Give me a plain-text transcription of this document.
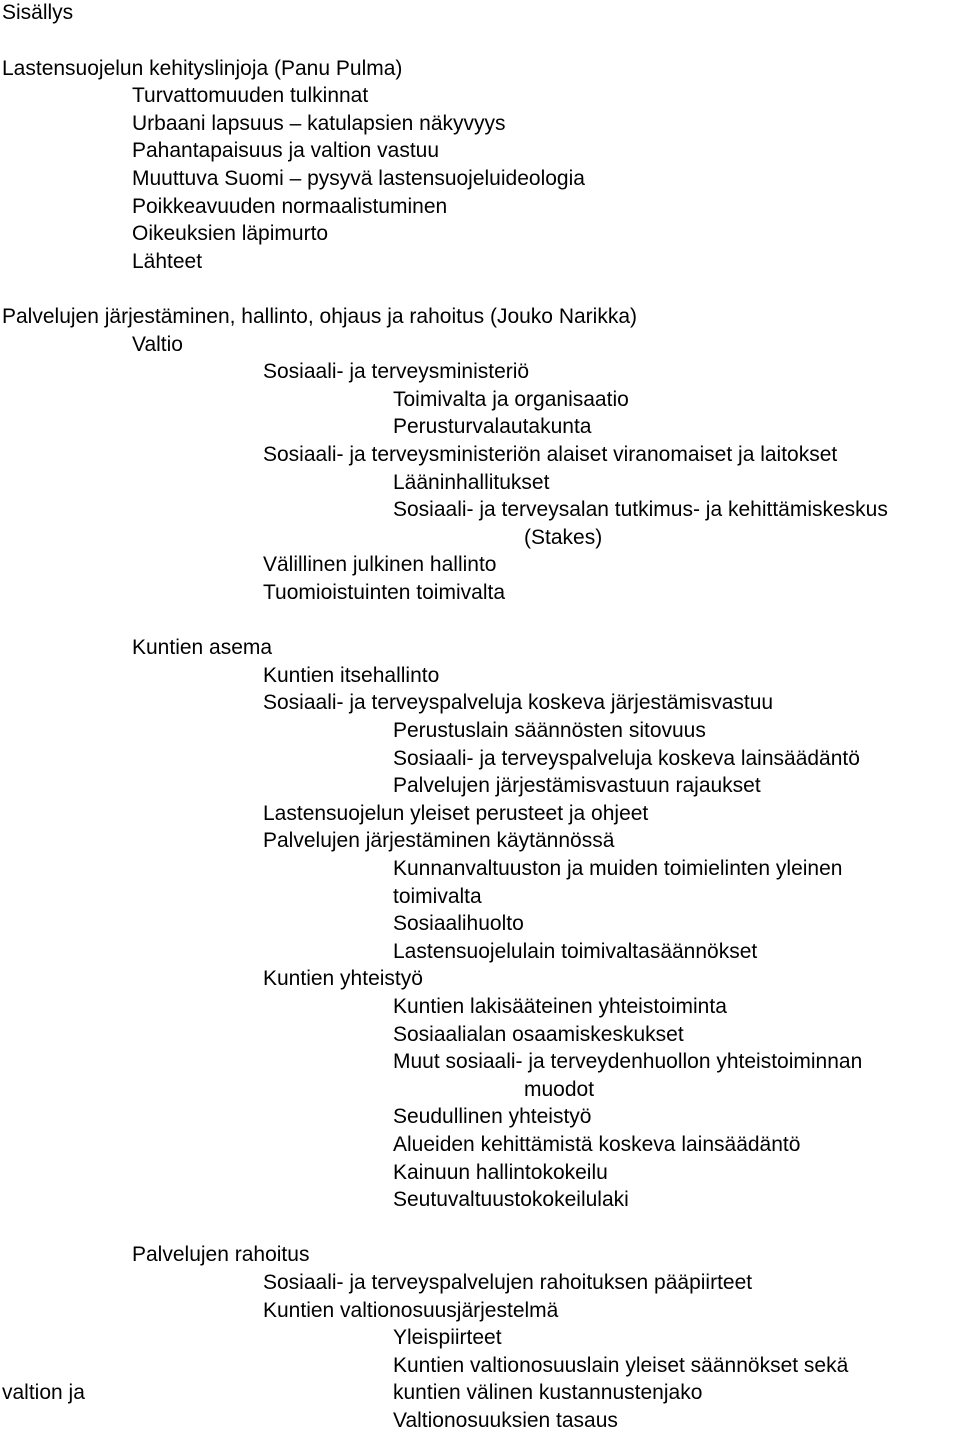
Sisällys
Lastensuojelun kehityslinjoja (Panu Pulma)
Turvattomuuden tulkinnat
Urbaani lapsuus – katulapsien näkyvyys
Pahantapaisuus ja valtion vastuu
Muuttuva Suomi – pysyvä lastensuojeluideologia
Poikkeavuuden normaalistuminen
Oikeuksien läpimurto
Lähteet
Palvelujen järjestäminen, hallinto, ohjaus ja rahoitus (Jouko Narikka)
Valtio
Sosiaali- ja terveysministeriö
Toimivalta ja organisaatio
Perusturvalautakunta
Sosiaali- ja terveysministeriön alaiset viranomaiset ja laitokset
Lääninhallitukset
Sosiaali- ja terveysalan tutkimus- ja kehittämiskeskus
(Stakes)
Välillinen julkinen hallinto
Tuomioistuinten toimivalta
Kuntien asema
Kuntien itsehallinto
Sosiaali- ja terveyspalveluja koskeva järjestämisvastuu
Perustuslain säännösten sitovuus
Sosiaali- ja terveyspalveluja koskeva lainsäädäntö
Palvelujen järjestämisvastuun rajaukset
Lastensuojelun yleiset perusteet ja ohjeet
Palvelujen järjestäminen käytännössä
Kunnanvaltuuston ja muiden toimielinten yleinen
toimivalta
Sosiaalihuolto
Lastensuojelulain toimivaltasäännökset
Kuntien yhteistyö
Kuntien lakisääteinen yhteistoiminta
Sosiaalialan osaamiskeskukset
Muut sosiaali- ja terveydenhuollon yhteistoiminnan
muodot
Seudullinen yhteistyö
Alueiden kehittämistä koskeva lainsäädäntö
Kainuun hallintokokeilu
Seutuvaltuustokokeilulaki
Palvelujen rahoitus
Sosiaali- ja terveyspalvelujen rahoituksen pääpiirteet
Kuntien valtionosuusjärjestelmä
Yleispiirteet
Kuntien valtionosuuslain yleiset säännökset sekä
valtion ja	kuntien välinen kustannustenjako
Valtionosuuksien tasaus
